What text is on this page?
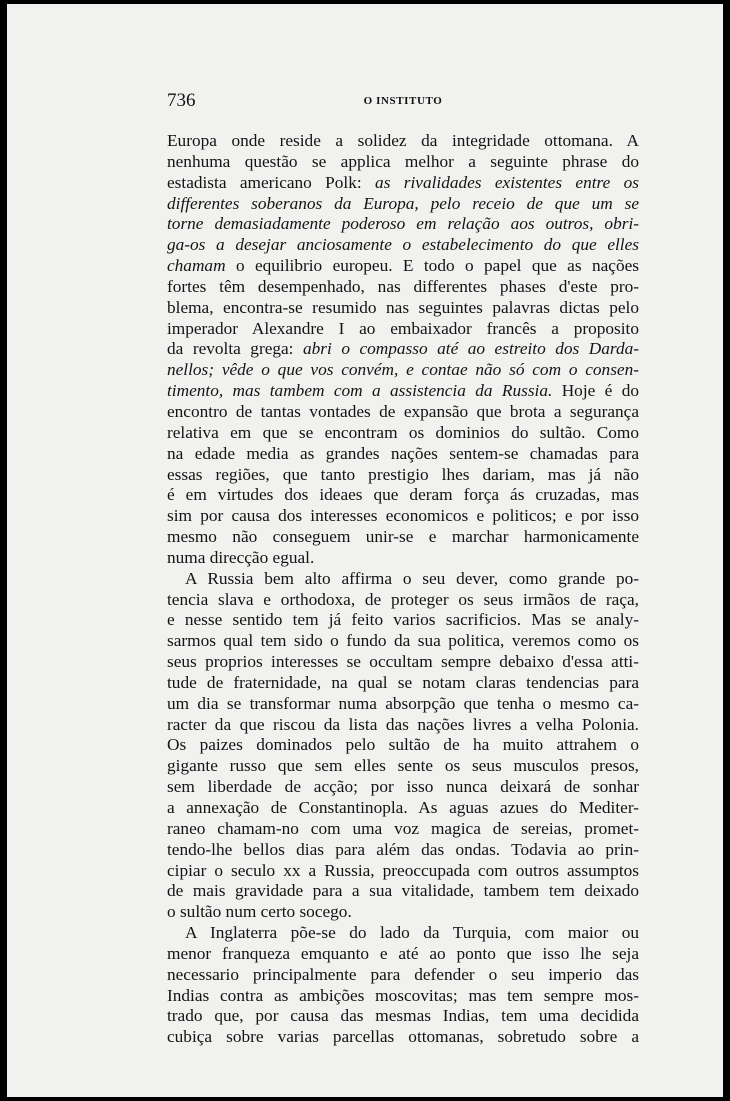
736	O INSTITUTO

Europa onde reside a solidez da integridade ottomana. A
nenhuma questão se applica melhor a seguinte phrase do
estadista americano Polk: as rivalidades existentes entre os
differentes soberanos da Europa, pelo receio de que um se
torne demasiadamente poderoso em relação aos outros, obri-
ga-os a desejar anciosamente o estabelecimento do que elles
chamam o equilibrio europeu. E todo o papel que as nações
fortes têm desempenhado, nas differentes phases d'este pro-
blema, encontra-se resumido nas seguintes palavras dictas pelo
imperador Alexandre I ao embaixador francês a proposito
da revolta grega: abri o compasso até ao estreito dos Darda-
nellos; vêde o que vos convém, e contae não só com o consen-
timento, mas tambem com a assistencia da Russia. Hoje é do
encontro de tantas vontades de expansão que brota a segurança
relativa em que se encontram os dominios do sultão. Como
na edade media as grandes nações sentem-se chamadas para
essas regiões, que tanto prestigio lhes dariam, mas já não
é em virtudes dos ideaes que deram força ás cruzadas, mas
sim por causa dos interesses economicos e politicos; e por isso
mesmo não conseguem unir-se e marchar harmonicamente
numa direcção egual.

A Russia bem alto affirma o seu dever, como grande po-
tencia slava e orthodoxa, de proteger os seus irmãos de raça,
e nesse sentido tem já feito varios sacrificios. Mas se analy-
sarmos qual tem sido o fundo da sua politica, veremos como os
seus proprios interesses se occultam sempre debaixo d'essa atti-
tude de fraternidade, na qual se notam claras tendencias para
um dia se transformar numa absorpção que tenha o mesmo ca-
racter da que riscou da lista das nações livres a velha Polonia.
Os paizes dominados pelo sultão de ha muito attrahem o
gigante russo que sem elles sente os seus musculos presos,
sem liberdade de acção; por isso nunca deixará de sonhar
a annexação de Constantinopla. As aguas azues do Mediter-
raneo chamam-no com uma voz magica de sereias, promet-
tendo-lhe bellos dias para além das ondas. Todavia ao prin-
cipiar o seculo xx a Russia, preoccupada com outros assumptos
de mais gravidade para a sua vitalidade, tambem tem deixado
o sultão num certo socego.

A Inglaterra põe-se do lado da Turquia, com maior ou
menor franqueza emquanto e até ao ponto que isso lhe seja
necessario principalmente para defender o seu imperio das
Indias contra as ambições moscovitas; mas tem sempre mos-
trado que, por causa das mesmas Indias, tem uma decidida
cubiça sobre varias parcellas ottomanas, sobretudo sobre a
